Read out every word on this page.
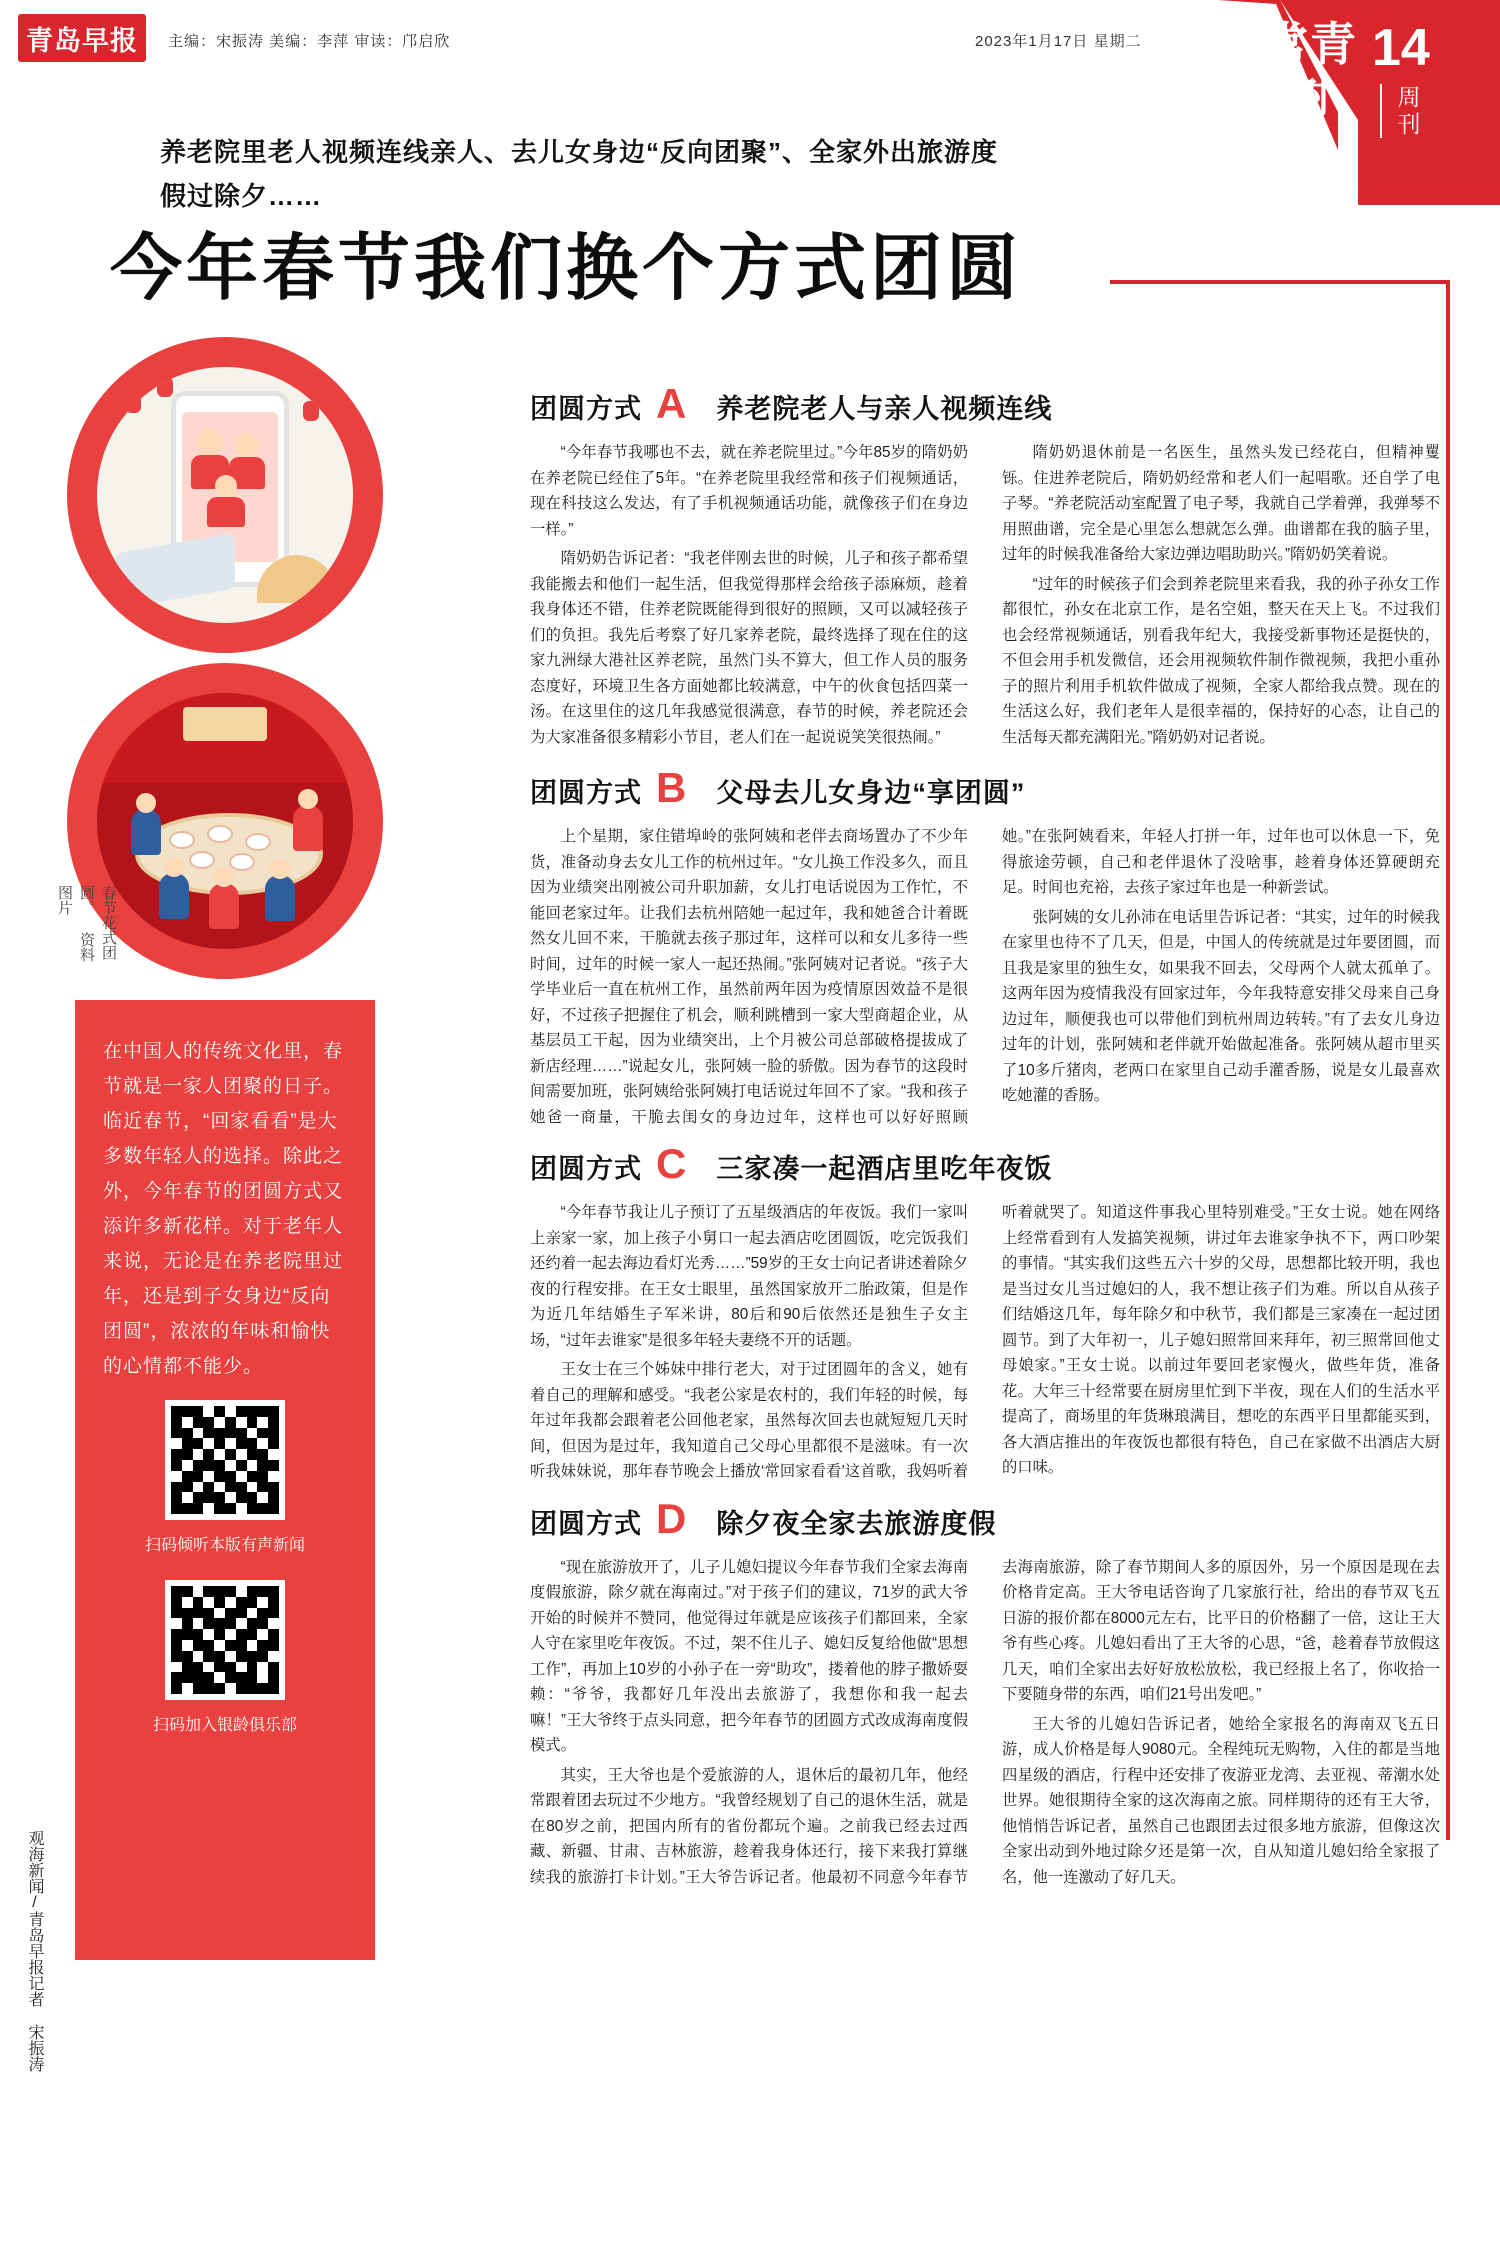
青岛早报	主编：宋振涛 美编：李萍 审读：邝启欣	2023年1月17日 星期二	常青树
14
周刊
养老院里老人视频连线亲人、去儿女身边“反向团聚”、全家外出旅游度假过除夕……
今年春节我们换个方式团圆
春节花式团圆。 资料图片
在中国人的传统文化里，春节就是一家人团聚的日子。临近春节，“回家看看”是大多数年轻人的选择。除此之外，今年春节的团圆方式又添许多新花样。对于老年人来说，无论是在养老院里过年，还是到子女身边“反向团圆”，浓浓的年味和愉快的心情都不能少。
扫码倾听本版有声新闻
扫码加入银龄俱乐部
观海新闻/青岛早报记者 宋振涛
团圆方式 A 养老院老人与亲人视频连线

“今年春节我哪也不去，就在养老院里过。”今年85岁的隋奶奶在养老院已经住了5年。“在养老院里我经常和孩子们视频通话，现在科技这么发达，有了手机视频通话功能，就像孩子们在身边一样。”

隋奶奶告诉记者：“我老伴刚去世的时候，儿子和孩子都希望我能搬去和他们一起生活，但我觉得那样会给孩子添麻烦，趁着我身体还不错，住养老院既能得到很好的照顾，又可以减轻孩子们的负担。我先后考察了好几家养老院，最终选择了现在住的这家九洲绿大港社区养老院，虽然门头不算大，但工作人员的服务态度好，环境卫生各方面她都比较满意，中午的伙食包括四菜一汤。在这里住的这几年我感觉很满意，春节的时候，养老院还会为大家准备很多精彩小节目，老人们在一起说说笑笑很热闹。”

隋奶奶退休前是一名医生，虽然头发已经花白，但精神矍铄。住进养老院后，隋奶奶经常和老人们一起唱歌。还自学了电子琴。“养老院活动室配置了电子琴，我就自己学着弹，我弹琴不用照曲谱，完全是心里怎么想就怎么弹。曲谱都在我的脑子里，过年的时候我准备给大家边弹边唱助助兴。”隋奶奶笑着说。

“过年的时候孩子们会到养老院里来看我，我的孙子孙女工作都很忙，孙女在北京工作，是名空姐，整天在天上飞。不过我们也会经常视频通话，别看我年纪大，我接受新事物还是挺快的，不但会用手机发微信，还会用视频软件制作微视频，我把小重孙子的照片利用手机软件做成了视频，全家人都给我点赞。现在的生活这么好，我们老年人是很幸福的，保持好的心态，让自己的生活每天都充满阳光。”隋奶奶对记者说。

团圆方式 B 父母去儿女身边“享团圆”

上个星期，家住错埠岭的张阿姨和老伴去商场置办了不少年货，准备动身去女儿工作的杭州过年。“女儿换工作没多久，而且因为业绩突出刚被公司升职加薪，女儿打电话说因为工作忙，不能回老家过年。让我们去杭州陪她一起过年，我和她爸合计着既然女儿回不来，干脆就去孩子那过年，这样可以和女儿多待一些时间，过年的时候一家人一起还热闹。”张阿姨对记者说。“孩子大学毕业后一直在杭州工作，虽然前两年因为疫情原因效益不是很好，不过孩子把握住了机会，顺利跳槽到一家大型商超企业，从基层员工干起，因为业绩突出，上个月被公司总部破格提拔成了新店经理……”说起女儿，张阿姨一脸的骄傲。因为春节的这段时间需要加班，张阿姨给张阿姨打电话说过年回不了家。“我和孩子她爸一商量，干脆去闺女的身边过年，这样也可以好好照顾她。”在张阿姨看来，年轻人打拼一年，过年也可以休息一下，免得旅途劳顿，自己和老伴退休了没啥事，趁着身体还算硬朗充足。时间也充裕，去孩子家过年也是一种新尝试。

张阿姨的女儿孙沛在电话里告诉记者：“其实，过年的时候我在家里也待不了几天，但是，中国人的传统就是过年要团圆，而且我是家里的独生女，如果我不回去，父母两个人就太孤单了。这两年因为疫情我没有回家过年，今年我特意安排父母来自己身边过年，顺便我也可以带他们到杭州周边转转。”有了去女儿身边过年的计划，张阿姨和老伴就开始做起准备。张阿姨从超市里买了10多斤猪肉，老两口在家里自己动手灌香肠，说是女儿最喜欢吃她灌的香肠。

团圆方式 C 三家凑一起酒店里吃年夜饭

“今年春节我让儿子预订了五星级酒店的年夜饭。我们一家叫上亲家一家，加上孩子小舅口一起去酒店吃团圆饭，吃完饭我们还约着一起去海边看灯光秀……”59岁的王女士向记者讲述着除夕夜的行程安排。在王女士眼里，虽然国家放开二胎政策，但是作为近几年结婚生子军米讲，80后和90后依然还是独生子女主场，“过年去谁家”是很多年轻夫妻绕不开的话题。

王女士在三个姊妹中排行老大，对于过团圆年的含义，她有着自己的理解和感受。“我老公家是农村的，我们年轻的时候，每年过年我都会跟着老公回他老家，虽然每次回去也就短短几天时间，但因为是过年，我知道自己父母心里都很不是滋味。有一次听我妹妹说，那年春节晚会上播放‘常回家看看’这首歌，我妈听着听着就哭了。知道这件事我心里特别难受。”王女士说。她在网络上经常看到有人发搞笑视频，讲过年去谁家争执不下，两口吵架的事情。“其实我们这些五六十岁的父母，思想都比较开明，我也是当过女儿当过媳妇的人，我不想让孩子们为难。所以自从孩子们结婚这几年，每年除夕和中秋节，我们都是三家凑在一起过团圆节。到了大年初一，儿子媳妇照常回来拜年，初三照常回他丈母娘家。”王女士说。以前过年要回老家慢火，做些年货，准备花。大年三十经常要在厨房里忙到下半夜，现在人们的生活水平提高了，商场里的年货琳琅满目，想吃的东西平日里都能买到，各大酒店推出的年夜饭也都很有特色，自己在家做不出酒店大厨的口味。

团圆方式 D 除夕夜全家去旅游度假

“现在旅游放开了，儿子儿媳妇提议今年春节我们全家去海南度假旅游，除夕就在海南过。”对于孩子们的建议，71岁的武大爷开始的时候并不赞同，他觉得过年就是应该孩子们都回来，全家人守在家里吃年夜饭。不过，架不住儿子、媳妇反复给他做“思想工作”，再加上10岁的小孙子在一旁“助攻”，搂着他的脖子撒娇耍赖：“爷爷，我都好几年没出去旅游了，我想你和我一起去嘛！”王大爷终于点头同意，把今年春节的团圆方式改成海南度假模式。

其实，王大爷也是个爱旅游的人，退休后的最初几年，他经常跟着团去玩过不少地方。“我曾经规划了自己的退休生活，就是在80岁之前，把国内所有的省份都玩个遍。之前我已经去过西藏、新疆、甘肃、吉林旅游，趁着我身体还行，接下来我打算继续我的旅游打卡计划。”王大爷告诉记者。他最初不同意今年春节去海南旅游，除了春节期间人多的原因外，另一个原因是现在去价格肯定高。王大爷电话咨询了几家旅行社，给出的春节双飞五日游的报价都在8000元左右，比平日的价格翻了一倍，这让王大爷有些心疼。儿媳妇看出了王大爷的心思，“爸，趁着春节放假这几天，咱们全家出去好好放松放松，我已经报上名了，你收拾一下要随身带的东西，咱们21号出发吧。”

王大爷的儿媳妇告诉记者，她给全家报名的海南双飞五日游，成人价格是每人9080元。全程纯玩无购物，入住的都是当地四星级的酒店，行程中还安排了夜游亚龙湾、去亚视、蒂潮水处世界。她很期待全家的这次海南之旅。同样期待的还有王大爷，他悄悄告诉记者，虽然自己也跟团去过很多地方旅游，但像这次全家出动到外地过除夕还是第一次，自从知道儿媳妇给全家报了名，他一连激动了好几天。
